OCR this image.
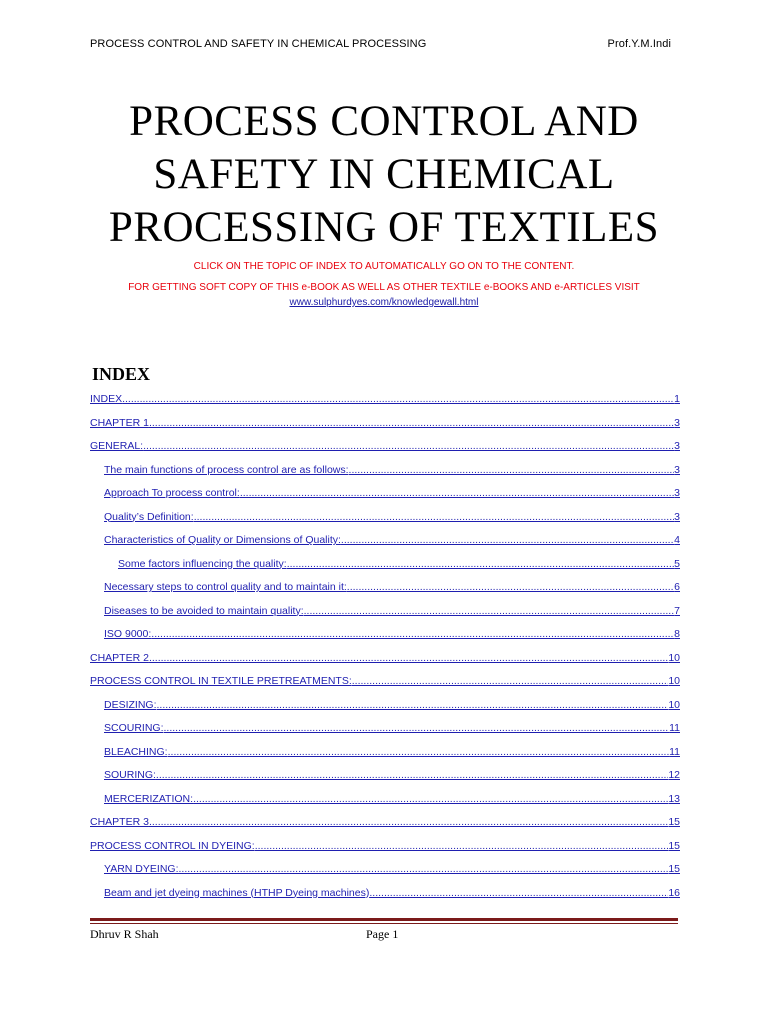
PROCESS CONTROL AND SAFETY IN CHEMICAL PROCESSING	Prof.Y.M.Indi
PROCESS CONTROL AND
SAFETY IN CHEMICAL
PROCESSING OF TEXTILES
CLICK ON THE TOPIC OF INDEX TO AUTOMATICALLY GO ON TO THE CONTENT.
FOR GETTING SOFT COPY OF THIS e-BOOK AS WELL AS OTHER TEXTILE e-BOOKS AND e-ARTICLES VISIT
www.sulphurdyes.com/knowledgewall.html
INDEX
INDEX .....	1
CHAPTER 1 .....	3
GENERAL: .....	3
The main functions of process control are as follows: .....	3
Approach To process control: .....	3
Quality’s Definition: .....	3
Characteristics of Quality or Dimensions of Quality: .....	4
Some factors influencing the quality: .....	5
Necessary steps to control quality and to maintain it: .....	6
Diseases to be avoided to maintain quality: .....	7
ISO 9000: .....	8
CHAPTER 2 .....	10
PROCESS CONTROL IN TEXTILE PRETREATMENTS: .....	10
DESIZING: .....	10
SCOURING: .....	11
BLEACHING: .....	11
SOURING: .....	12
MERCERIZATION: .....	13
CHAPTER 3 .....	15
PROCESS CONTROL IN DYEING: .....	15
YARN DYEING: .....	15
Beam and jet dyeing machines (HTHP Dyeing machines) .....	16
Dhruv R Shah	Page 1
